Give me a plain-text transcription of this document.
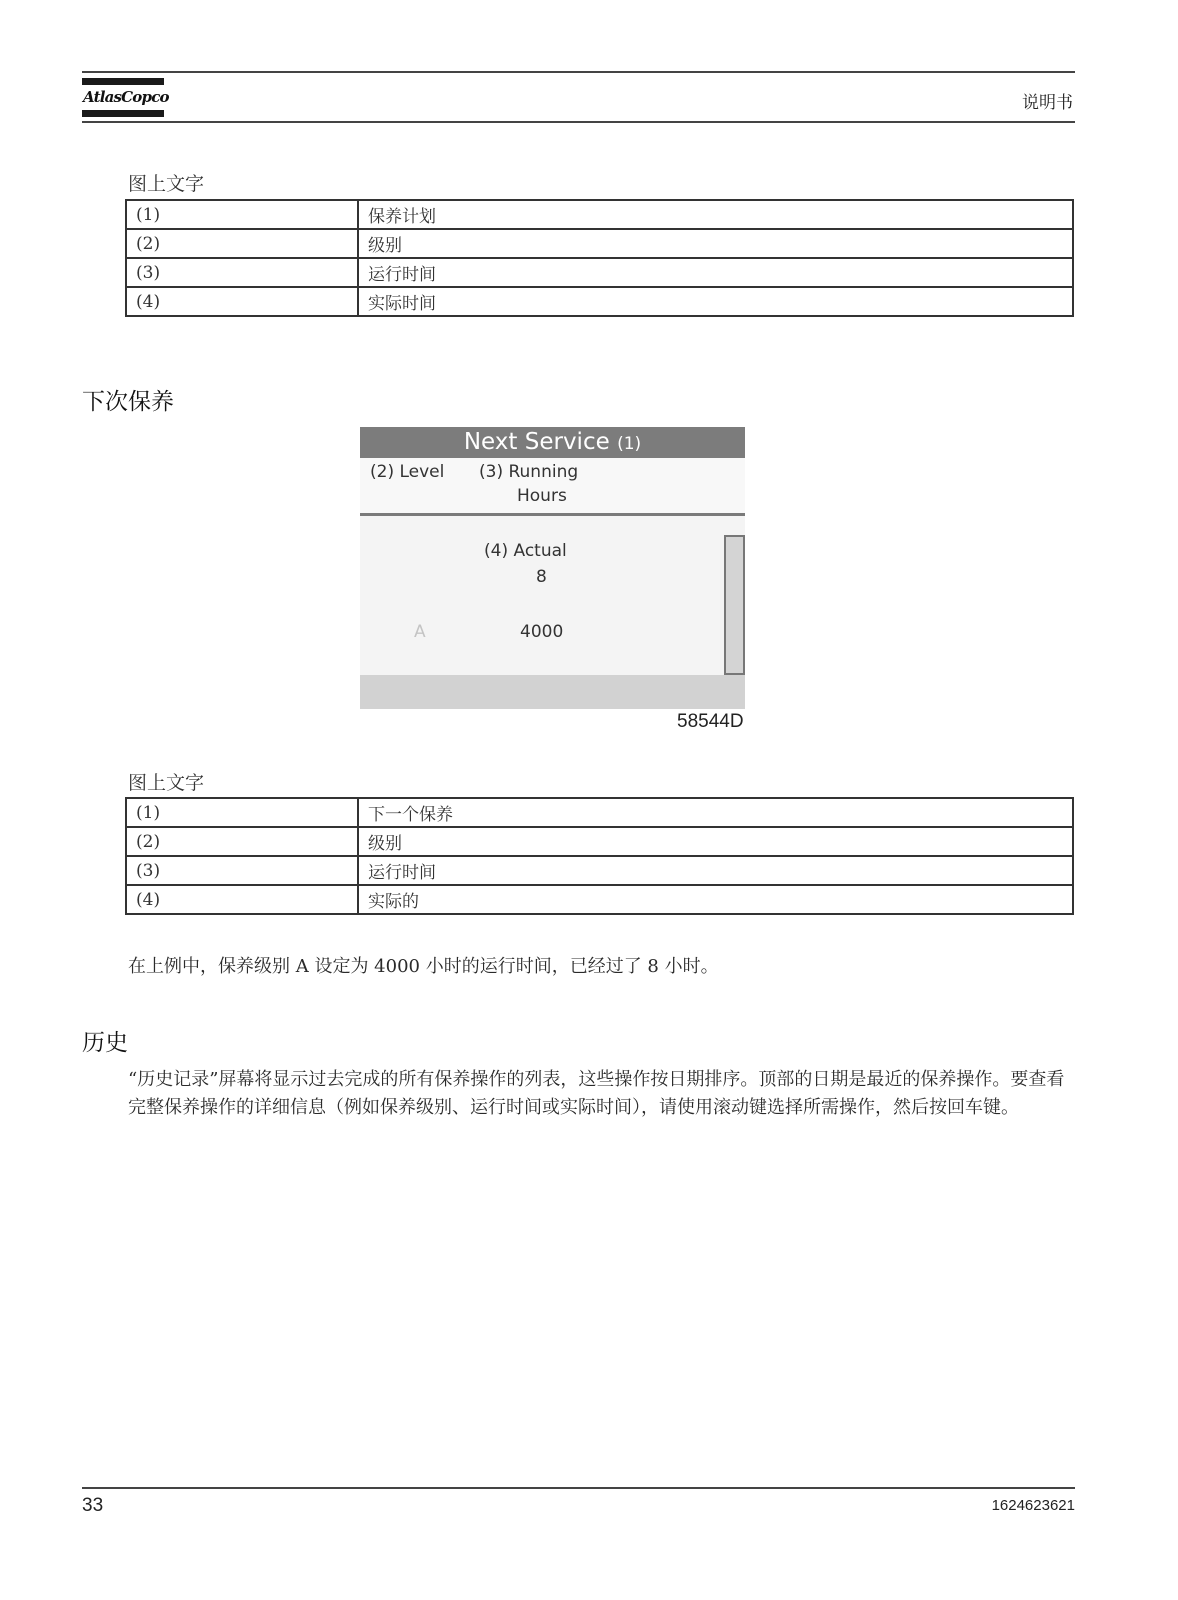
AtlasCopco	说明书
图上文字
(1)	保养计划
(2)	级别
(3)	运行时间
(4)	实际时间
下次保养
Next Service (1)
(2) Level (3) Running
Hours
(4) Actual
8
A	4000
58544D
图上文字
(1)	下一个保养
(2)	级别
(3)	运行时间
(4)	实际的
在上例中，保养级别 A 设定为 4000 小时的运行时间，已经过了 8 小时。
历史
“历史记录”屏幕将显示过去完成的所有保养操作的列表，这些操作按日期排序。顶部的日期是最近的保养操作。要查看完整保养操作的详细信息（例如保养级别、运行时间或实际时间），请使用滚动键选择所需操作，然后按回车键。
33	1624623621
